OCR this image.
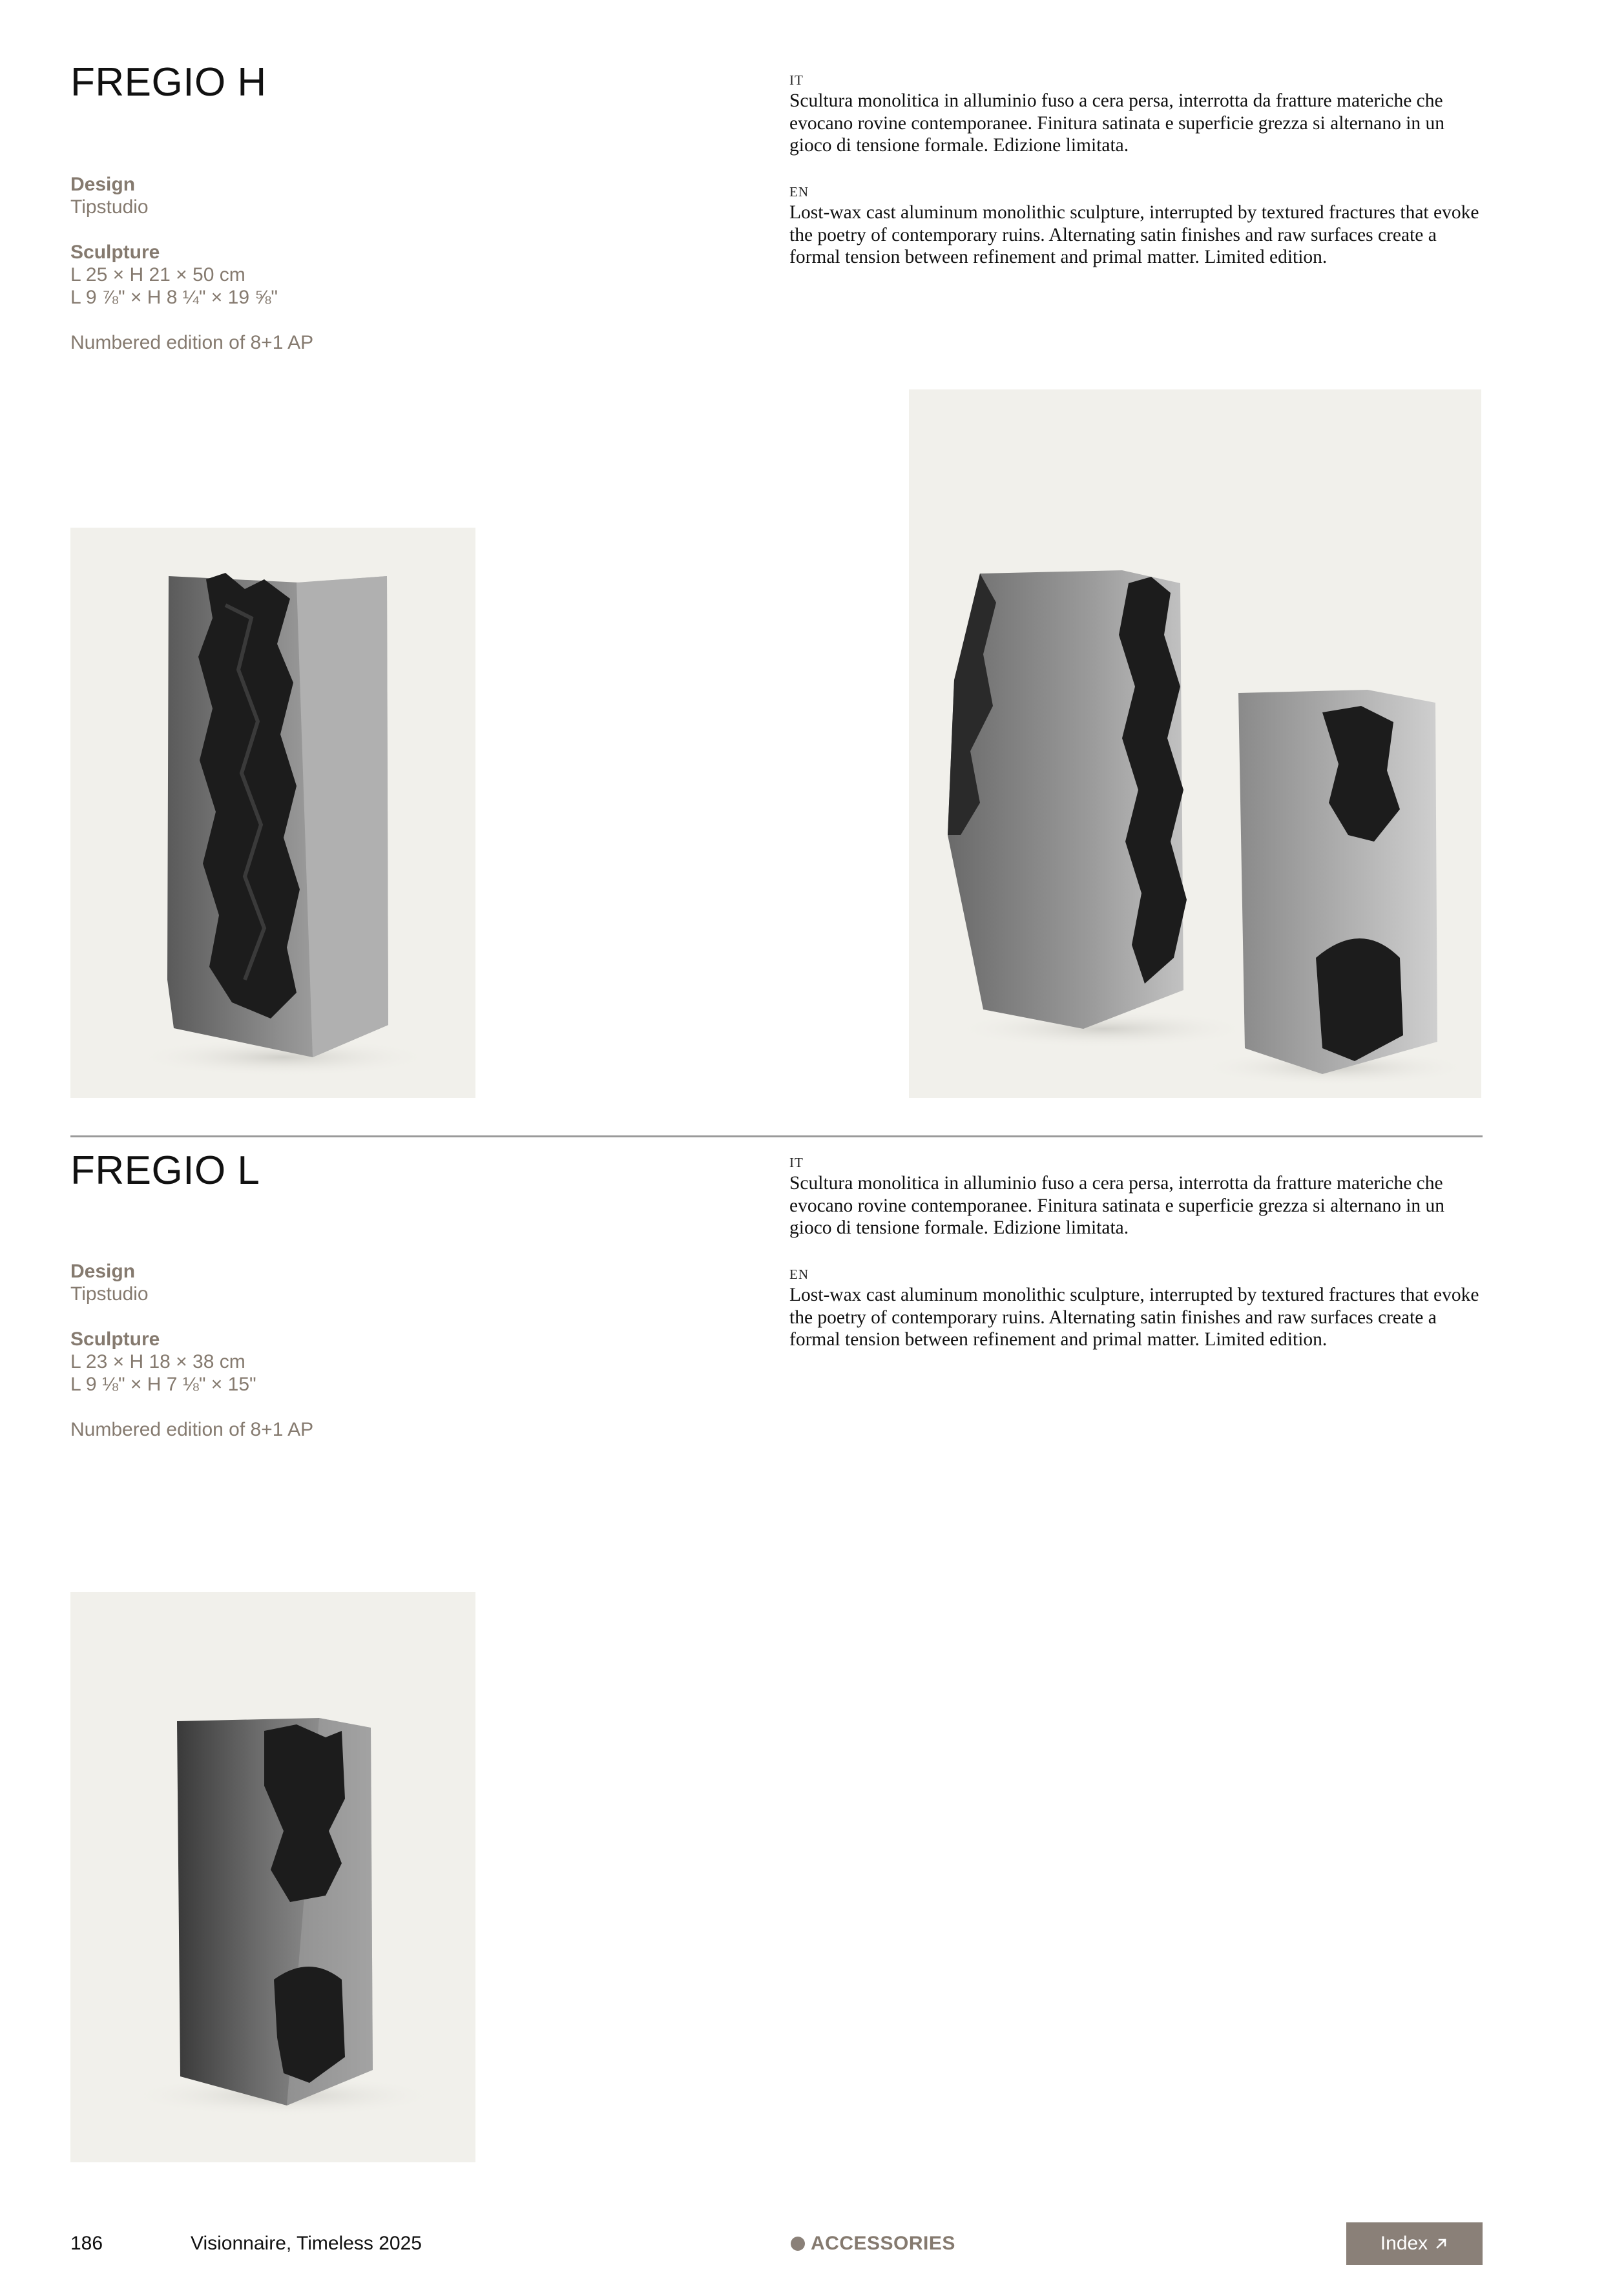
FREGIO H
Design
Tipstudio
Sculpture
L 25 × H 21 × 50 cm
L 9 ⅞" × H 8 ¼" × 19 ⅝"
Numbered edition of 8+1 AP
IT
Scultura monolitica in alluminio fuso a cera persa, interrotta da fratture materiche che evocano rovine contemporanee. Finitura satinata e superficie grezza si alternano in un gioco di tensione formale. Edizione limitata.
EN
Lost-wax cast aluminum monolithic sculpture, interrupted by textured fractures that evoke the poetry of contemporary ruins. Alternating satin finishes and raw surfaces create a formal tension between refinement and primal matter. Limited edition.
FREGIO L
Design
Tipstudio
Sculpture
L 23 × H 18 × 38 cm
L 9 ⅛" × H 7 ⅛" × 15"
Numbered edition of 8+1 AP
IT
Scultura monolitica in alluminio fuso a cera persa, interrotta da fratture materiche che evocano rovine contemporanee. Finitura satinata e superficie grezza si alternano in un gioco di tensione formale. Edizione limitata.
EN
Lost-wax cast aluminum monolithic sculpture, interrupted by textured fractures that evoke the poetry of contemporary ruins. Alternating satin finishes and raw surfaces create a formal tension between refinement and primal matter. Limited edition.
186	Visionnaire, Timeless 2025	ACCESSORIES	Index
